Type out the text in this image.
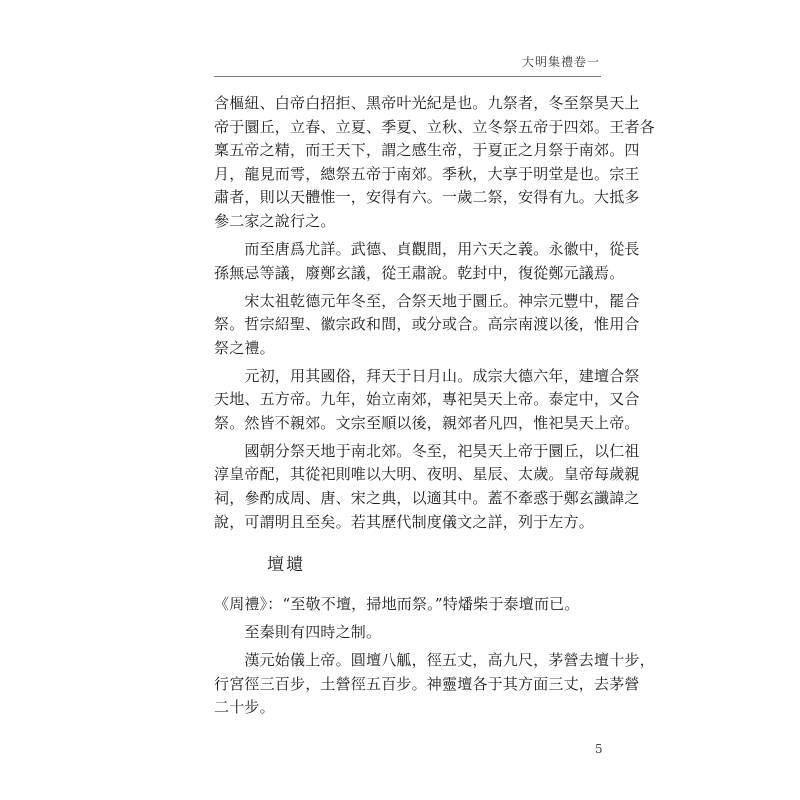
大明集禮卷一
含樞紐、白帝白招拒、黑帝叶光紀是也。九祭者，冬至祭昊天上
帝于圜丘，立春、立夏、季夏、立秋、立冬祭五帝于四郊。王者各
稟五帝之精，而王天下，謂之感生帝，于夏正之月祭于南郊。四
月，龍見而雩，總祭五帝于南郊。季秋，大享于明堂是也。宗王
肅者，則以天體惟一，安得有六。一歲二祭，安得有九。大抵多
參二家之說行之。
　　而至唐爲尤詳。武德、貞觀間，用六天之義。永徽中，從長
孫無忌等議，廢鄭玄議，從王肅說。乾封中，復從鄭元議焉。
　　宋太祖乾德元年冬至，合祭天地于圜丘。神宗元豐中，罷合
祭。哲宗紹聖、徽宗政和間，或分或合。高宗南渡以後，惟用合
祭之禮。
　　元初，用其國俗，拜天于日月山。成宗大德六年，建壇合祭
天地、五方帝。九年，始立南郊，專祀昊天上帝。泰定中，又合
祭。然皆不親郊。文宗至順以後，親郊者凡四，惟祀昊天上帝。
　　國朝分祭天地于南北郊。冬至，祀昊天上帝于圜丘，以仁祖
淳皇帝配，其從祀則唯以大明、夜明、星辰、太歲。皇帝每歲親
祠，參酌成周、唐、宋之典，以適其中。蓋不牽惑于鄭玄讖諱之
說，可謂明且至矣。若其歷代制度儀文之詳，列于左方。
壇壝
《周禮》：“至敬不壇，掃地而祭。”特燔柴于泰壇而已。
　　至秦則有四時之制。
　　漢元始儀上帝。圓壇八觚，徑五丈，高九尺，茅營去壇十步，
行宮徑三百步，土營徑五百步。神靈壇各于其方面三丈，去茅營
二十步。
5
